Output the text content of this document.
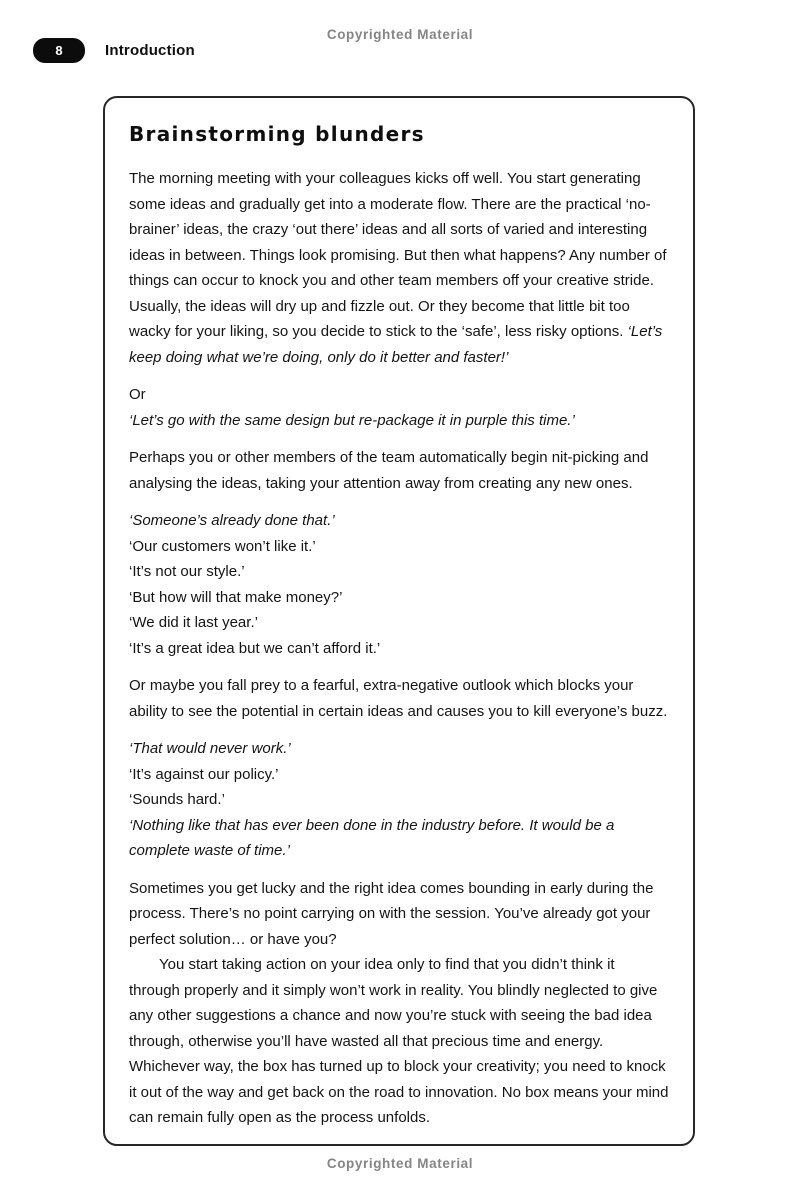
Copyrighted Material
8	Introduction
Brainstorming blunders
The morning meeting with your colleagues kicks off well. You start generating some ideas and gradually get into a moderate flow. There are the practical ‘no-brainer’ ideas, the crazy ‘out there’ ideas and all sorts of varied and interesting ideas in between. Things look promising. But then what happens? Any number of things can occur to knock you and other team members off your creative stride. Usually, the ideas will dry up and fizzle out. Or they become that little bit too wacky for your liking, so you decide to stick to the ‘safe’, less risky options. ‘Let’s keep doing what we’re doing, only do it better and faster!’
Or
‘Let’s go with the same design but re-package it in purple this time.’
Perhaps you or other members of the team automatically begin nit-picking and analysing the ideas, taking your attention away from creating any new ones.
‘Someone’s already done that.’
‘Our customers won’t like it.’
‘It’s not our style.’
‘But how will that make money?’
‘We did it last year.’
‘It’s a great idea but we can’t afford it.’
Or maybe you fall prey to a fearful, extra-negative outlook which blocks your ability to see the potential in certain ideas and causes you to kill everyone’s buzz.
‘That would never work.’
‘It’s against our policy.’
‘Sounds hard.’
‘Nothing like that has ever been done in the industry before. It would be a complete waste of time.’
Sometimes you get lucky and the right idea comes bounding in early during the process. There’s no point carrying on with the session. You’ve already got your perfect solution… or have you?
You start taking action on your idea only to find that you didn’t think it through properly and it simply won’t work in reality. You blindly neglected to give any other suggestions a chance and now you’re stuck with seeing the bad idea through, otherwise you’ll have wasted all that precious time and energy. Whichever way, the box has turned up to block your creativity; you need to knock it out of the way and get back on the road to innovation. No box means your mind can remain fully open as the process unfolds.
Copyrighted Material
